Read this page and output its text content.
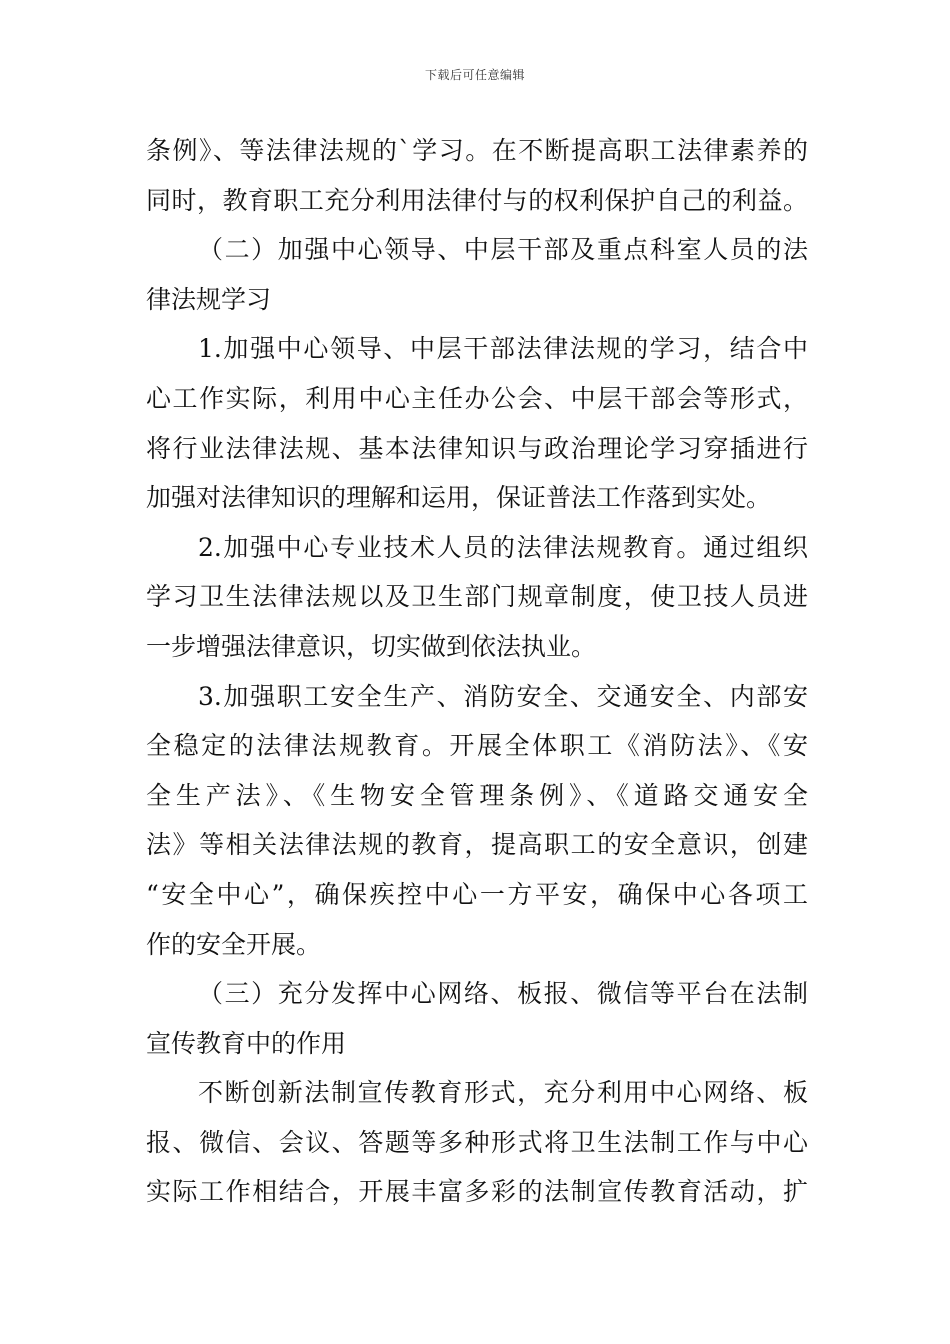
下载后可任意编辑
条例》、等法律法规的`学习。在不断提高职工法律素养的
同时，教育职工充分利用法律付与的权利保护自己的利益。
（二）加强中心领导、中层干部及重点科室人员的法
律法规学习
1.加强中心领导、中层干部法律法规的学习，结合中
心工作实际，利用中心主任办公会、中层干部会等形式，
将行业法律法规、基本法律知识与政治理论学习穿插进行
加强对法律知识的理解和运用，保证普法工作落到实处。
2.加强中心专业技术人员的法律法规教育。通过组织
学习卫生法律法规以及卫生部门规章制度，使卫技人员进
一步增强法律意识，切实做到依法执业。
3.加强职工安全生产、消防安全、交通安全、内部安
全稳定的法律法规教育。开展全体职工《消防法》、《安
全生产法》、《生物安全管理条例》、《道路交通安全
法》等相关法律法规的教育，提高职工的安全意识，创建
“安全中心”，确保疾控中心一方平安，确保中心各项工
作的安全开展。
（三）充分发挥中心网络、板报、微信等平台在法制
宣传教育中的作用
不断创新法制宣传教育形式，充分利用中心网络、板
报、微信、会议、答题等多种形式将卫生法制工作与中心
实际工作相结合，开展丰富多彩的法制宣传教育活动，扩
